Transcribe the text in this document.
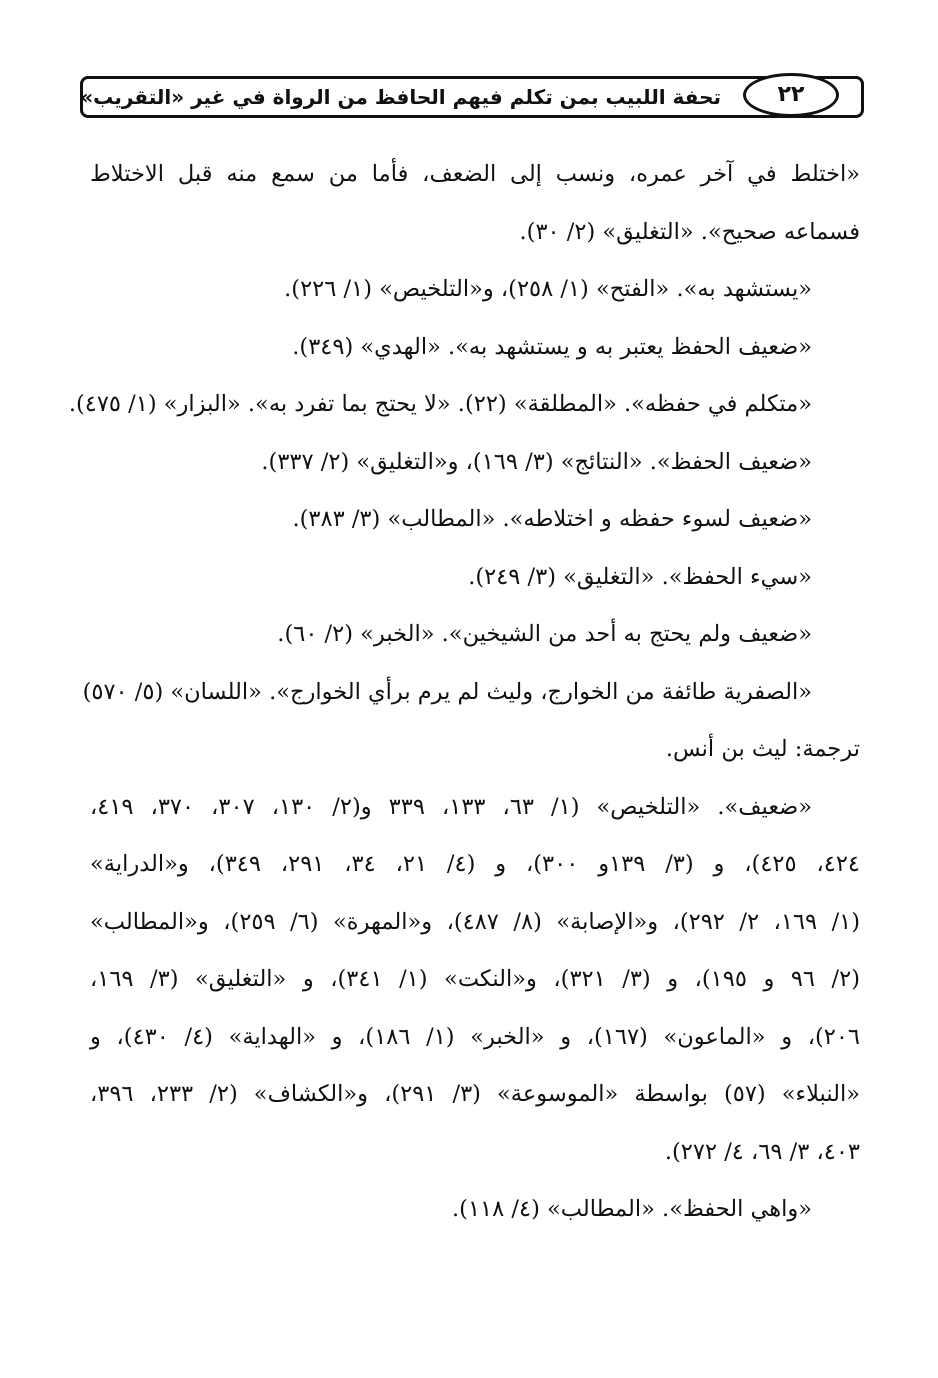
٢٢
تحفة اللبيب بمن تكلم فيهم الحافظ من الرواة في غير «التقريب»
«اختلط في آخر عمره، ونسب إلى الضعف، فأما من سمع منه قبل الاختلاط
فسماعه صحيح». «التغليق» (٢/ ٣٠).
«يستشهد به». «الفتح» (١/ ٢٥٨)، و«التلخيص» (١/ ٢٢٦).
«ضعيف الحفظ يعتبر به و يستشهد به». «الهدي» (٣٤٩).
«متكلم في حفظه». «المطلقة» (٢٢). «لا يحتج بما تفرد به». «البزار» (١/ ٤٧٥).
«ضعيف الحفظ». «النتائج» (٣/ ١٦٩)، و«التغليق» (٢/ ٣٣٧).
«ضعيف لسوء حفظه و اختلاطه». «المطالب» (٣/ ٣٨٣).
«سيء الحفظ». «التغليق» (٣/ ٢٤٩).
«ضعيف ولم يحتج به أحد من الشيخين». «الخبر» (٢/ ٦٠).
«الصفرية طائفة من الخوارج، وليث لم يرم برأي الخوارج». «اللسان» (٥/ ٥٧٠)
ترجمة: ليث بن أنس.
«ضعيف». «التلخيص» (١/ ٦٣، ١٣٣، ٣٣٩ و(٢/ ١٣٠، ٣٠٧، ٣٧٠، ٤١٩،
٤٢٤، ٤٢٥)، و (٣/ ١٣٩و ٣٠٠)، و (٤/ ٢١، ٣٤، ٢٩١، ٣٤٩)، و«الدراية»
(١/ ١٦٩، ٢/ ٢٩٢)، و«الإصابة» (٨/ ٤٨٧)، و«المهرة» (٦/ ٢٥٩)، و«المطالب»
(٢/ ٩٦ و ١٩٥)، و (٣/ ٣٢١)، و«النكت» (١/ ٣٤١)، و «التغليق» (٣/ ١٦٩،
٢٠٦)، و «الماعون» (١٦٧)، و «الخبر» (١/ ١٨٦)، و «الهداية» (٤/ ٤٣٠)، و
«النبلاء» (٥٧) بواسطة «الموسوعة» (٣/ ٢٩١)، و«الكشاف» (٢/ ٢٣٣، ٣٩٦،
٤٠٣، ٣/ ٦٩، ٤/ ٢٧٢).
«واهي الحفظ». «المطالب» (٤/ ١١٨).
